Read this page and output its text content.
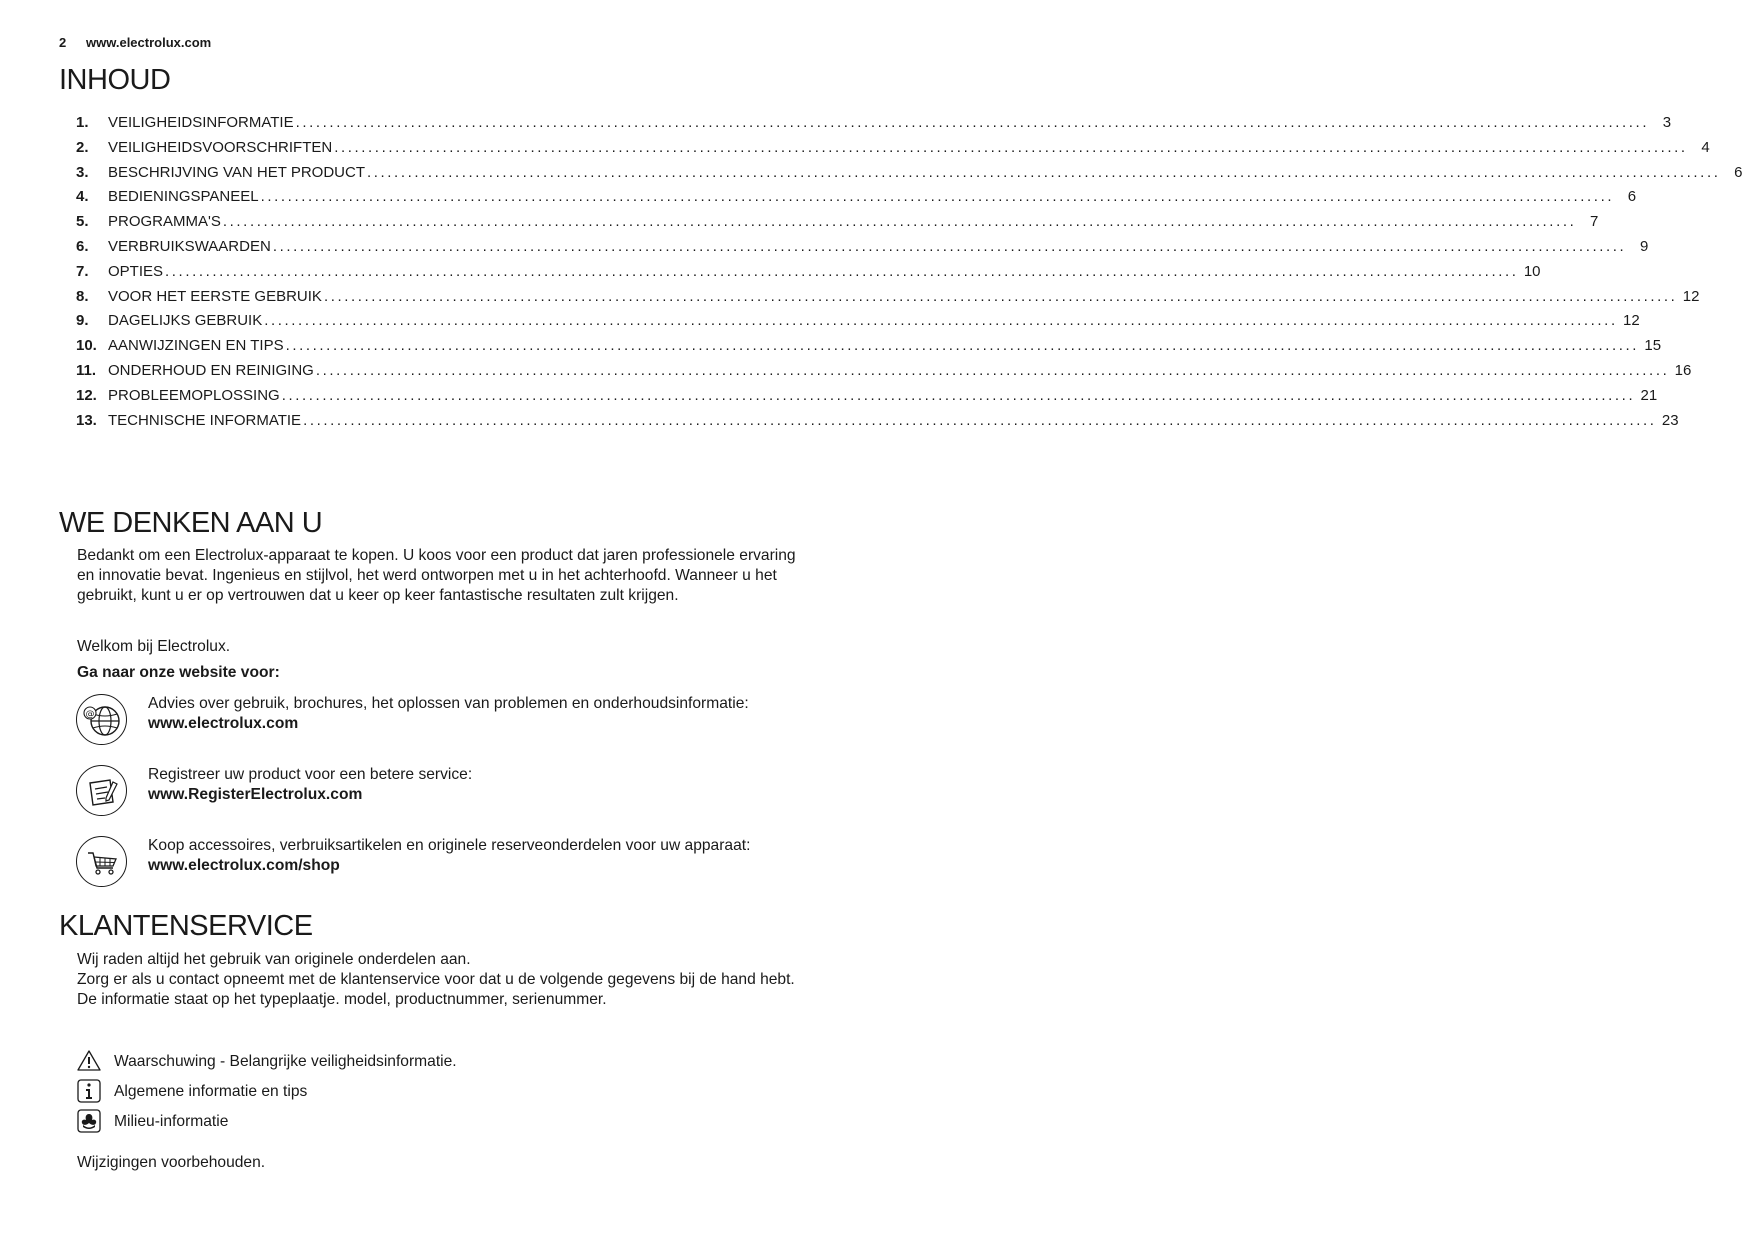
2 www.electrolux.com
INHOUD
1.	VEILIGHEIDSINFORMATIE ........................................................................................................................................................................................................ 3
2.	VEILIGHEIDSVOORSCHRIFTEN ........................................................................................................................................................................................................ 4
3.	BESCHRIJVING VAN HET PRODUCT ........................................................................................................................................................................................................ 6
4.	BEDIENINGSPANEEL ........................................................................................................................................................................................................ 6
5.	PROGRAMMA'S ........................................................................................................................................................................................................ 7
6.	VERBRUIKSWAARDEN ........................................................................................................................................................................................................ 9
7.	OPTIES ........................................................................................................................................................................................................ 10
8.	VOOR HET EERSTE GEBRUIK ........................................................................................................................................................................................................ 12
9.	DAGELIJKS GEBRUIK ........................................................................................................................................................................................................ 12
10. AANWIJZINGEN EN TIPS ........................................................................................................................................................................................................ 15
11. ONDERHOUD EN REINIGING ........................................................................................................................................................................................................ 16
12. PROBLEEMOPLOSSING ........................................................................................................................................................................................................ 21
13. TECHNISCHE INFORMATIE ........................................................................................................................................................................................................ 23
WE DENKEN AAN U

Bedankt om een Electrolux-apparaat te kopen. U koos voor een product dat jaren professionele ervaring en innovatie bevat. Ingenieus en stijlvol, het werd ontworpen met u in het achterhoofd. Wanneer u het gebruikt, kunt u er op vertrouwen dat u keer op keer fantastische resultaten zult krijgen.

Welkom bij Electrolux.

Ga naar onze website voor:

@
Advies over gebruik, brochures, het oplossen van problemen en onderhoudsinformatie:
www.electrolux.com
Registreer uw product voor een betere service:
www.RegisterElectrolux.com
Koop accessoires, verbruiksartikelen en originele reserveonderdelen voor uw apparaat:
www.electrolux.com/shop
KLANTENSERVICE
Wij raden altijd het gebruik van originele onderdelen aan.
Zorg er als u contact opneemt met de klantenservice voor dat u de volgende gegevens bij de hand hebt.
De informatie staat op het typeplaatje. model, productnummer, serienummer.
Waarschuwing - Belangrijke veiligheidsinformatie.
Algemene informatie en tips
Milieu-informatie

Wijzigingen voorbehouden.
